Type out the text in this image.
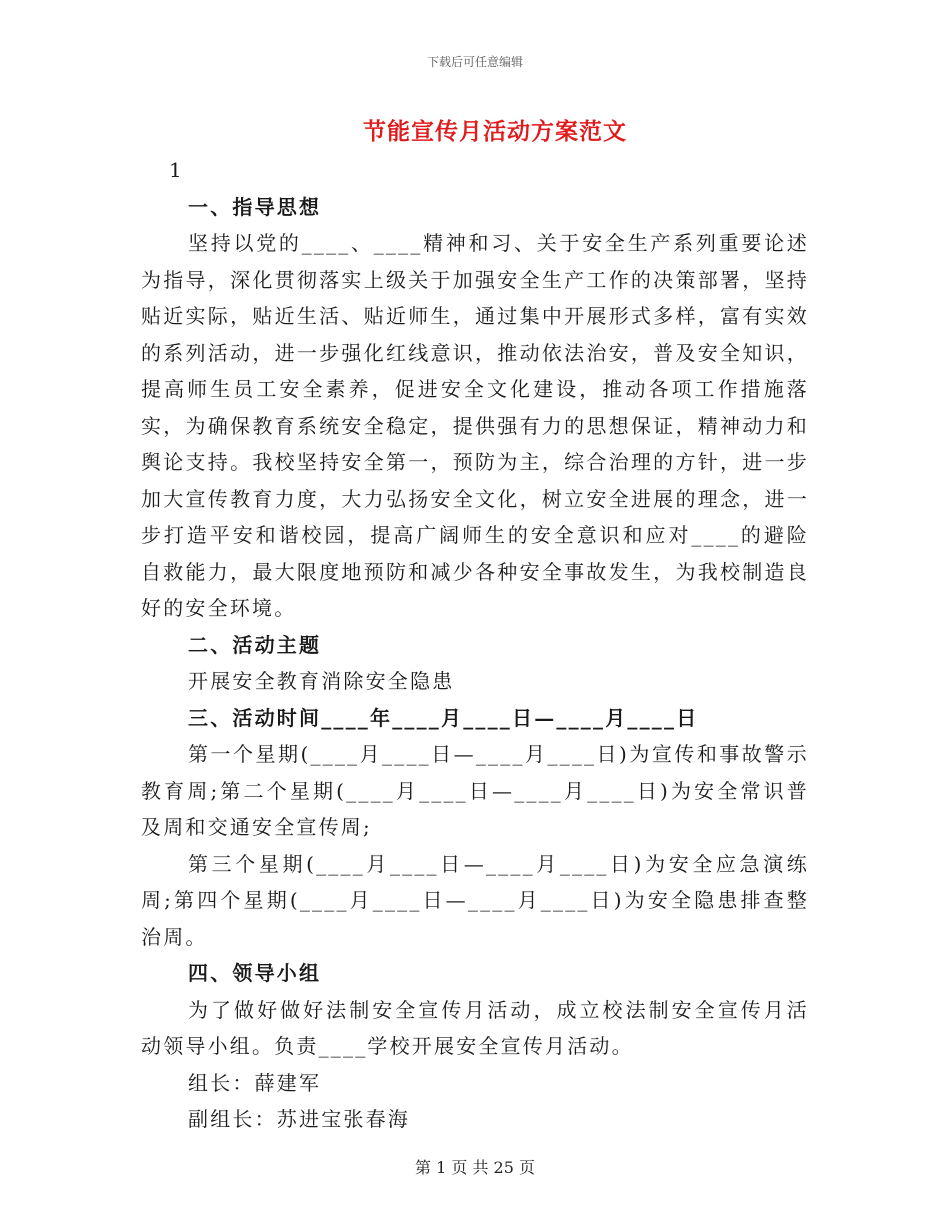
下载后可任意编辑
节能宣传月活动方案范文

1

一、指导思想

坚持以党的____、____精神和习、关于安全生产系列重要论述为指导，深化贯彻落实上级关于加强安全生产工作的决策部署，坚持贴近实际，贴近生活、贴近师生，通过集中开展形式多样，富有实效的系列活动，进一步强化红线意识，推动依法治安，普及安全知识，提高师生员工安全素养，促进安全文化建设，推动各项工作措施落实，为确保教育系统安全稳定，提供强有力的思想保证，精神动力和舆论支持。我校坚持安全第一，预防为主，综合治理的方针，进一步加大宣传教育力度，大力弘扬安全文化，树立安全进展的理念，进一步打造平安和谐校园，提高广阔师生的安全意识和应对____的避险自救能力，最大限度地预防和减少各种安全事故发生，为我校制造良好的安全环境。

二、活动主题

开展安全教育消除安全隐患

三、活动时间____年____月____日—____月____日

第一个星期(____月____日—____月____日)为宣传和事故警示教育周;第二个星期(____月____日—____月____日)为安全常识普及周和交通安全宣传周;

第三个星期(____月____日—____月____日)为安全应急演练周;第四个星期(____月____日—____月____日)为安全隐患排查整治周。

四、领导小组

为了做好做好法制安全宣传月活动，成立校法制安全宣传月活动领导小组。负责____学校开展安全宣传月活动。

组长：薛建军

副组长：苏进宝张春海

第 1 页 共 25 页
